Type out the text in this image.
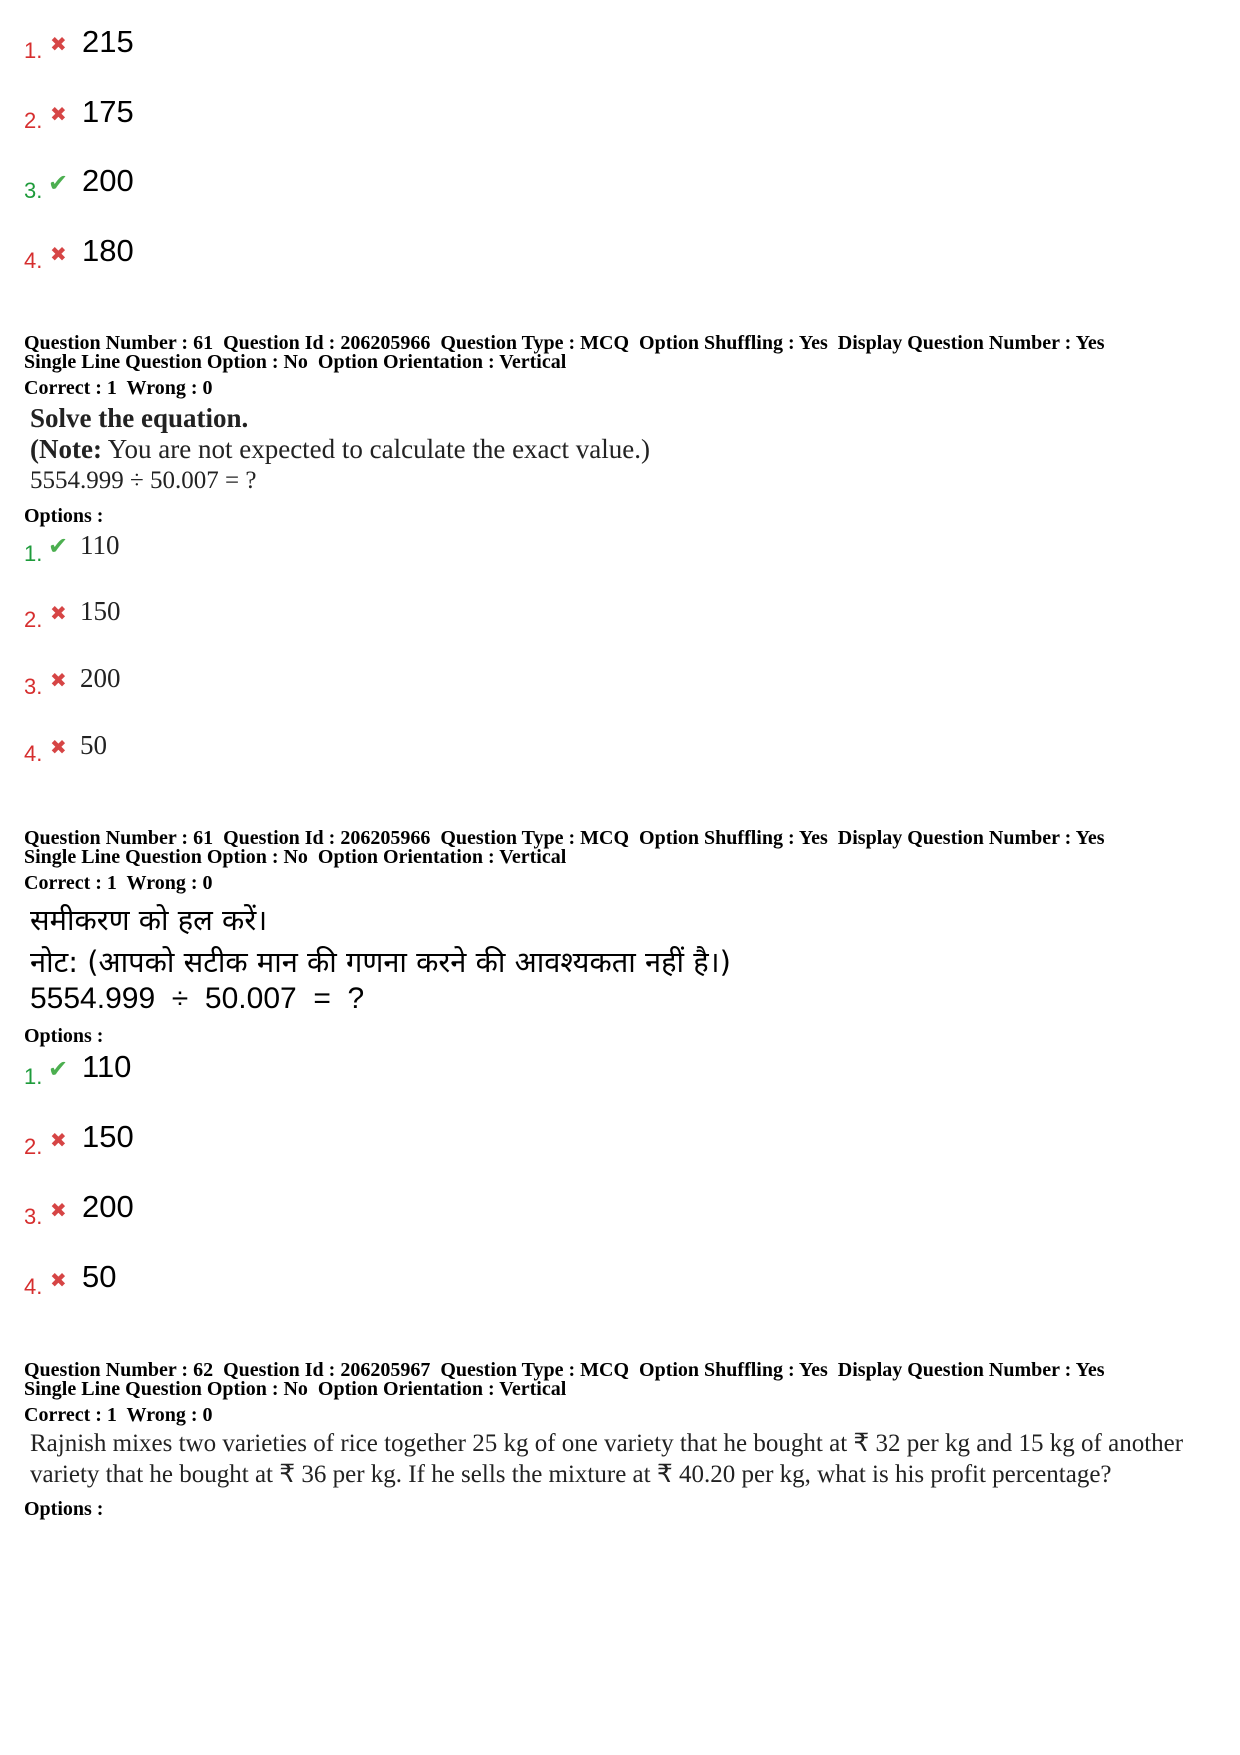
1. ✖ 215
2. ✖ 175
3. ✔ 200
4. ✖ 180
Question Number : 61  Question Id : 206205966  Question Type : MCQ  Option Shuffling : Yes  Display Question Number : Yes
Single Line Question Option : No  Option Orientation : Vertical
Correct : 1  Wrong : 0
Solve the equation.
(Note: You are not expected to calculate the exact value.)
5554.999 ÷ 50.007 = ?
Options :
1. ✔ 110
2. ✖ 150
3. ✖ 200
4. ✖ 50
Question Number : 61  Question Id : 206205966  Question Type : MCQ  Option Shuffling : Yes  Display Question Number : Yes
Single Line Question Option : No  Option Orientation : Vertical
Correct : 1  Wrong : 0
समीकरण को हल करें।
नोट: (आपको सटीक मान की गणना करने की आवश्यकता नहीं है।)
5554.999  ÷  50.007  =  ?
Options :
1. ✔ 110
2. ✖ 150
3. ✖ 200
4. ✖ 50
Question Number : 62  Question Id : 206205967  Question Type : MCQ  Option Shuffling : Yes  Display Question Number : Yes
Single Line Question Option : No  Option Orientation : Vertical
Correct : 1  Wrong : 0
Rajnish mixes two varieties of rice together 25 kg of one variety that he bought at ₹ 32 per kg and 15 kg of another variety that he bought at ₹ 36 per kg. If he sells the mixture at ₹ 40.20 per kg, what is his profit percentage?
Options :
